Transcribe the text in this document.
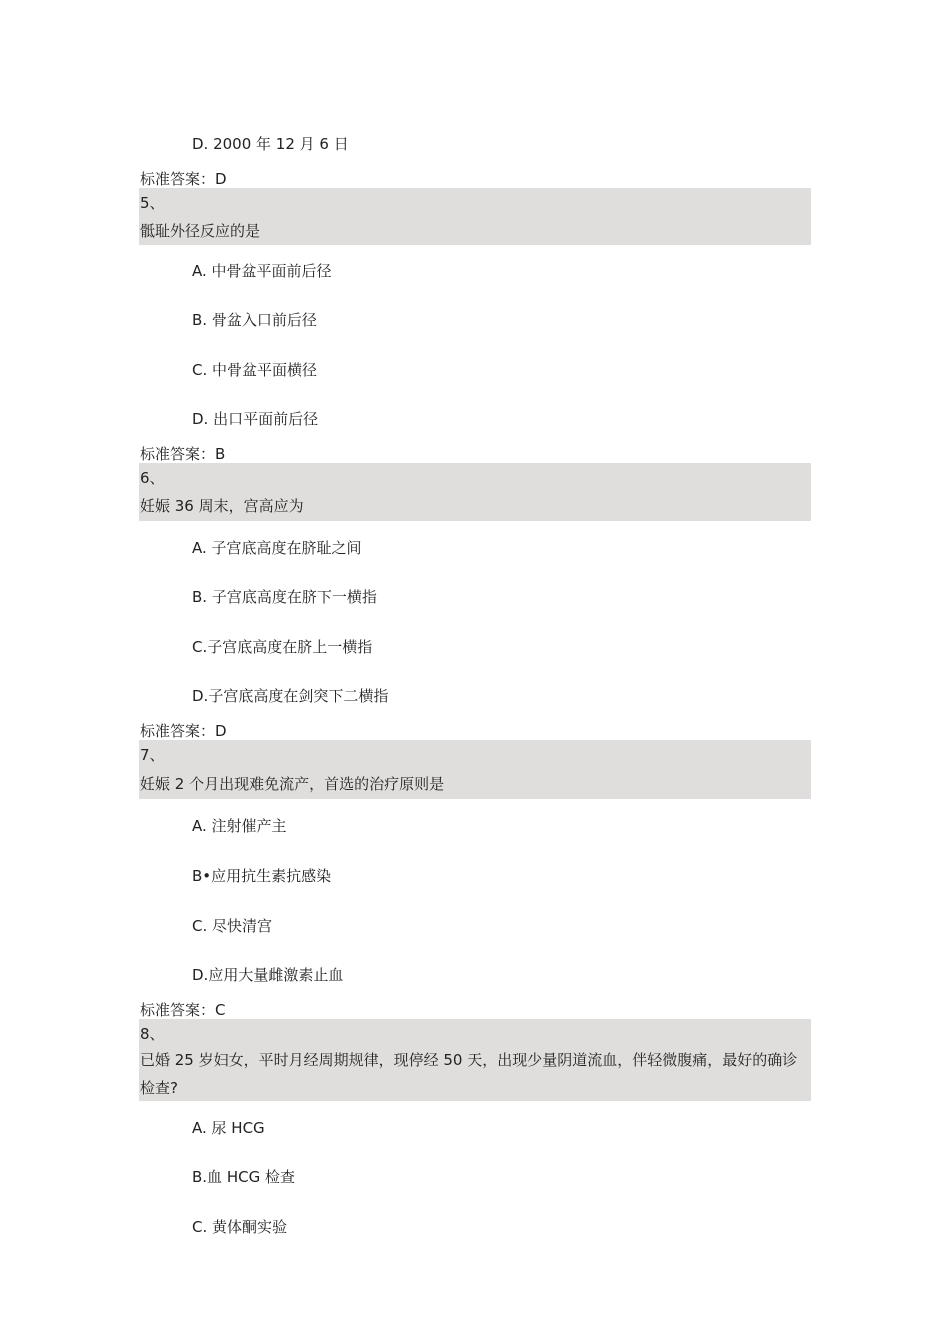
D. 2000 年 12 月 6 日
标准答案：D
5、
骶耻外径反应的是
A. 中骨盆平面前后径
B. 骨盆入口前后径
C. 中骨盆平面横径
D. 出口平面前后径
标准答案：B
6、
妊娠 36 周末，宫高应为
A. 子宫底高度在脐耻之间
B. 子宫底高度在脐下一横指
C.子宫底高度在脐上一横指
D.子宫底高度在剑突下二横指
标准答案：D
7、
妊娠 2 个月出现难免流产，首选的治疗原则是
A. 注射催产主
B•应用抗生素抗感染
C. 尽快清宫
D.应用大量雌激素止血
标准答案：C
8、
已婚 25 岁妇女，平时月经周期规律，现停经 50 天，出现少量阴道流血，伴轻微腹痛，最好的确诊检查?
A. 尿 HCG
B.血 HCG 检查
C. 黄体酮实验
